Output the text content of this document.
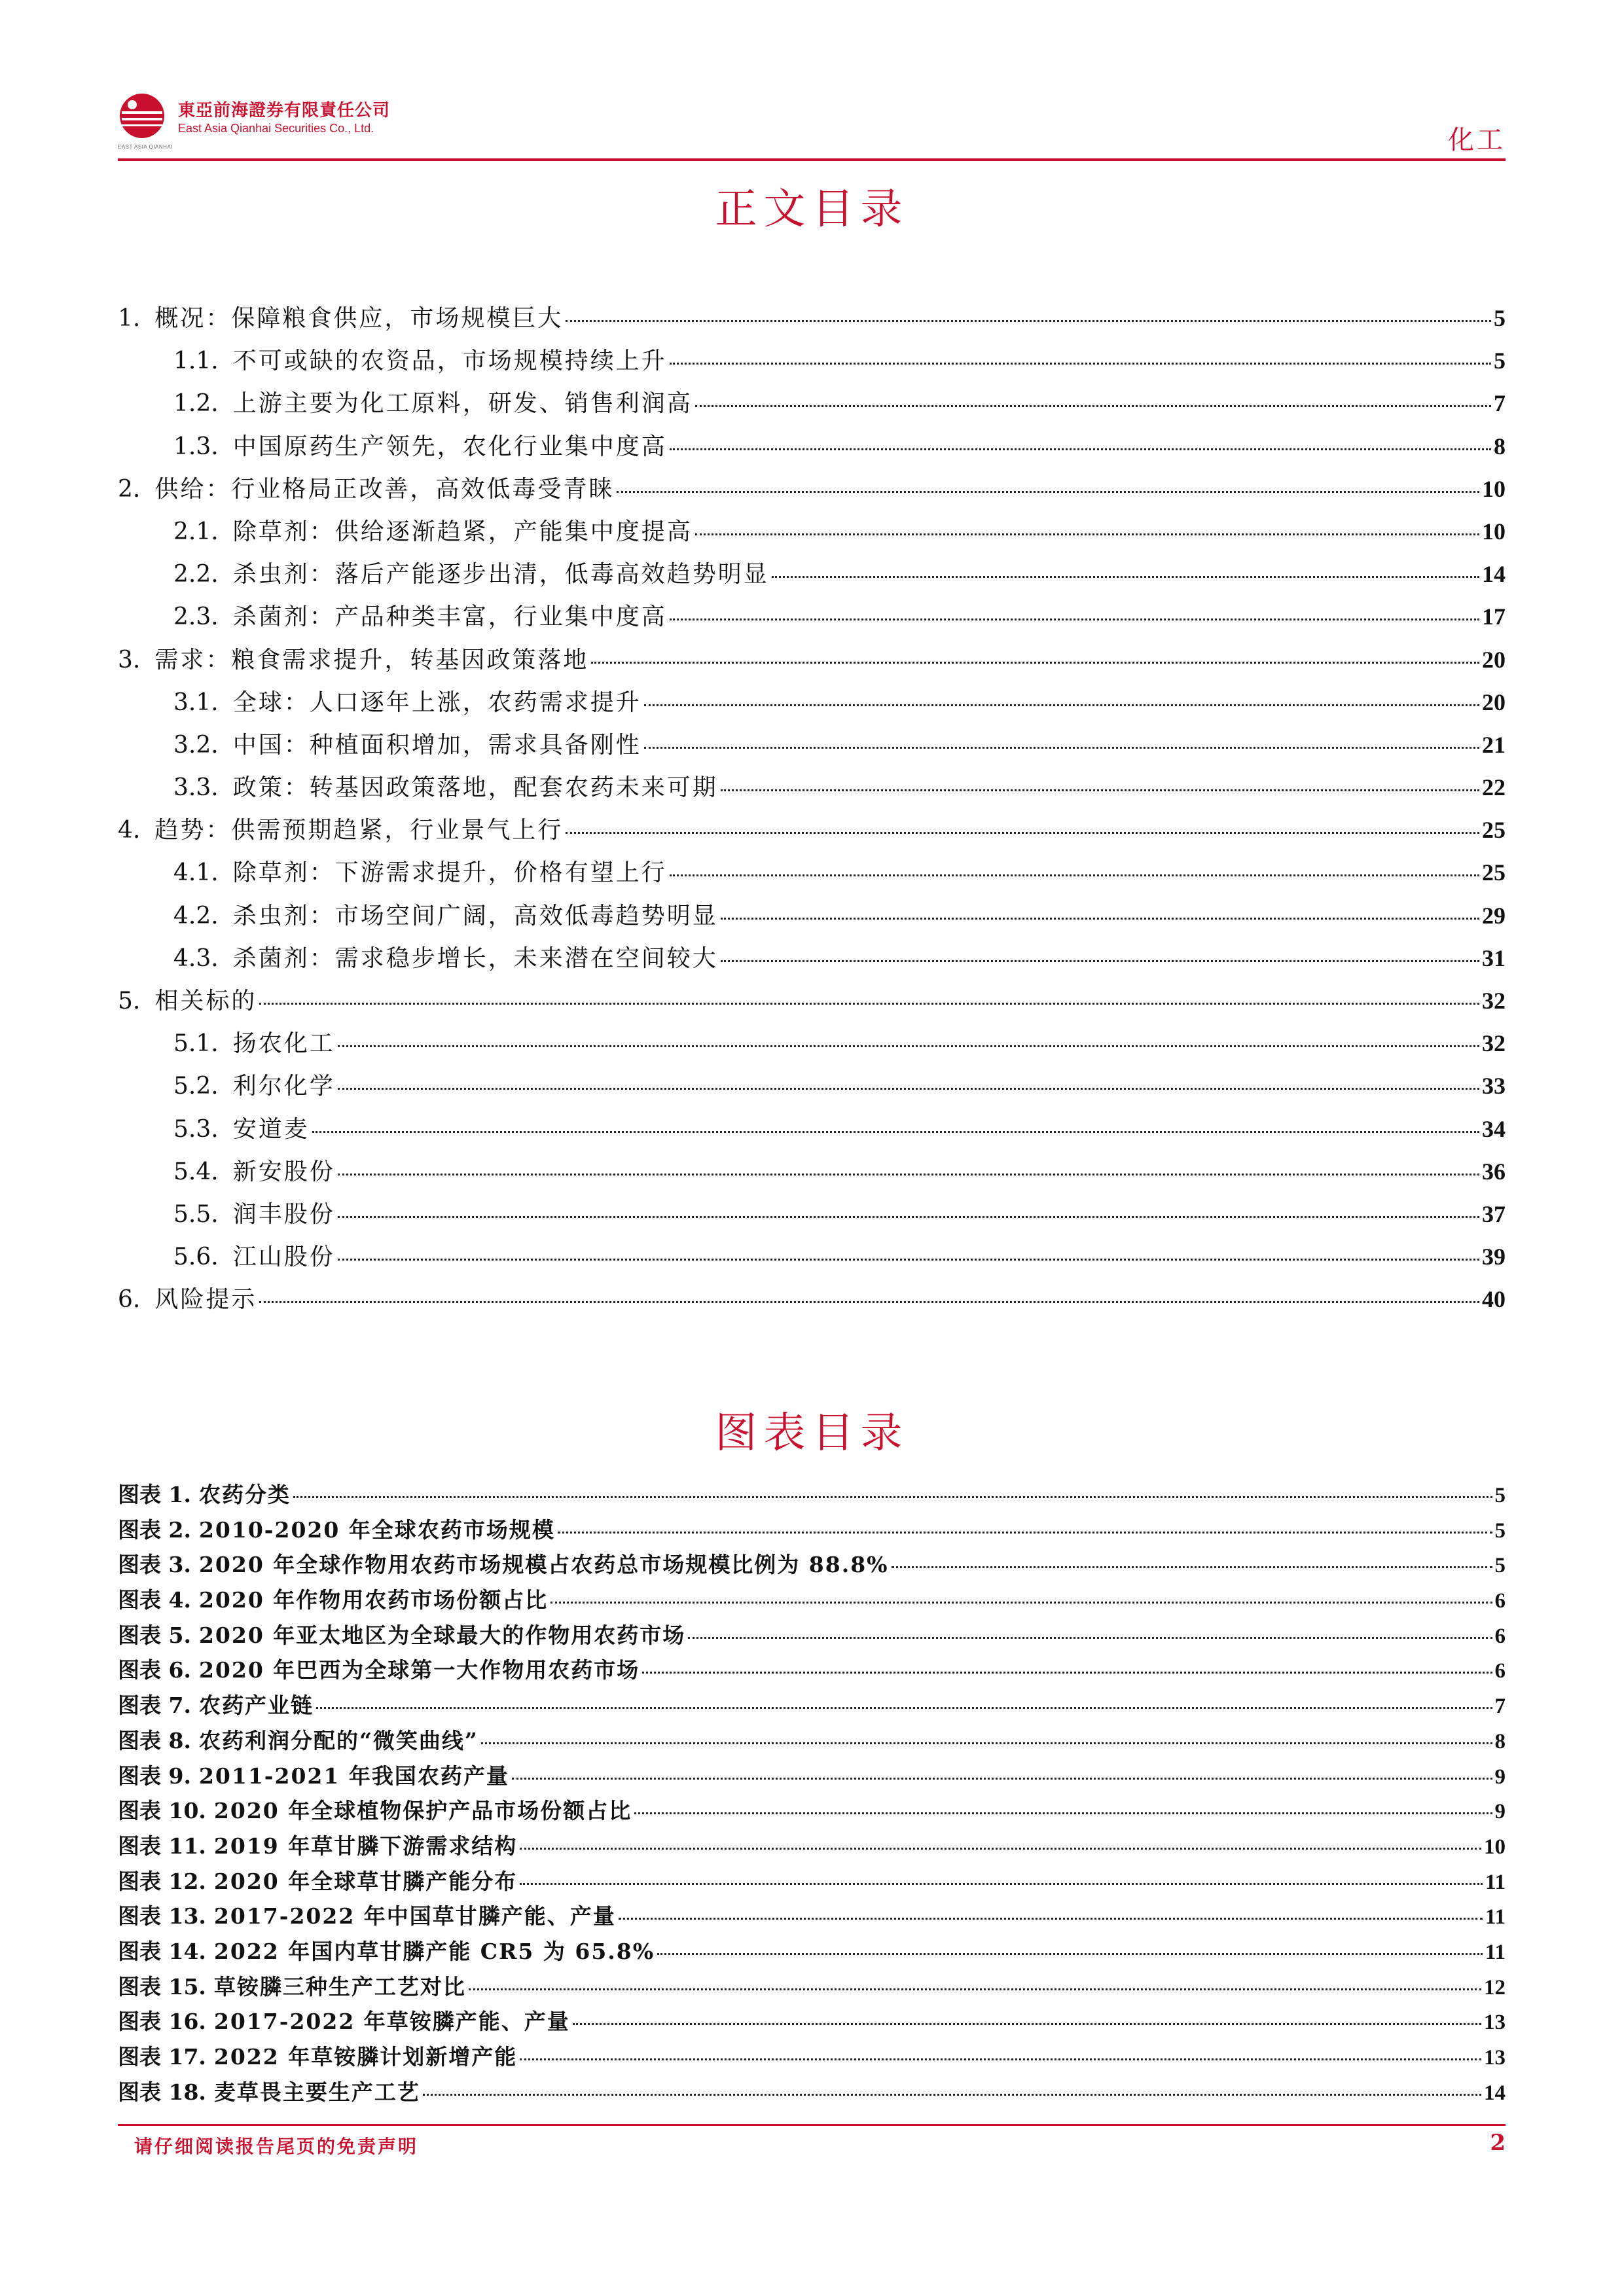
EAST ASIA QIANHAI
東亞前海證券有限責任公司
East Asia Qianhai Securities Co., Ltd.	化工
正文目录
1. 概况：保障粮食供应，市场规模巨大	5
1.1. 不可或缺的农资品，市场规模持续上升	5
1.2. 上游主要为化工原料，研发、销售利润高	7
1.3. 中国原药生产领先，农化行业集中度高	8
2. 供给：行业格局正改善，高效低毒受青睐	10
2.1. 除草剂：供给逐渐趋紧，产能集中度提高	10
2.2. 杀虫剂：落后产能逐步出清，低毒高效趋势明显	14
2.3. 杀菌剂：产品种类丰富，行业集中度高	17
3. 需求：粮食需求提升，转基因政策落地	20
3.1. 全球：人口逐年上涨，农药需求提升	20
3.2. 中国：种植面积增加，需求具备刚性	21
3.3. 政策：转基因政策落地，配套农药未来可期	22
4. 趋势：供需预期趋紧，行业景气上行	25
4.1. 除草剂：下游需求提升，价格有望上行	25
4.2. 杀虫剂：市场空间广阔，高效低毒趋势明显	29
4.3. 杀菌剂：需求稳步增长，未来潜在空间较大	31
5. 相关标的	32
5.1. 扬农化工	32
5.2. 利尔化学	33
5.3. 安道麦	34
5.4. 新安股份	36
5.5. 润丰股份	37
5.6. 江山股份	39
6. 风险提示	40
图表目录
图表 1. 农药分类	5
图表 2. 2010-2020 年全球农药市场规模	5
图表 3. 2020 年全球作物用农药市场规模占农药总市场规模比例为 88.8%	5
图表 4. 2020 年作物用农药市场份额占比	6
图表 5. 2020 年亚太地区为全球最大的作物用农药市场	6
图表 6. 2020 年巴西为全球第一大作物用农药市场	6
图表 7. 农药产业链	7
图表 8. 农药利润分配的“微笑曲线”	8
图表 9. 2011-2021 年我国农药产量	9
图表 10. 2020 年全球植物保护产品市场份额占比	9
图表 11. 2019 年草甘膦下游需求结构	10
图表 12. 2020 年全球草甘膦产能分布	11
图表 13. 2017-2022 年中国草甘膦产能、产量	11
图表 14. 2022 年国内草甘膦产能 CR5 为 65.8%	11
图表 15. 草铵膦三种生产工艺对比	12
图表 16. 2017-2022 年草铵膦产能、产量	13
图表 17. 2022 年草铵膦计划新增产能	13
图表 18. 麦草畏主要生产工艺	14
请仔细阅读报告尾页的免责声明	2
